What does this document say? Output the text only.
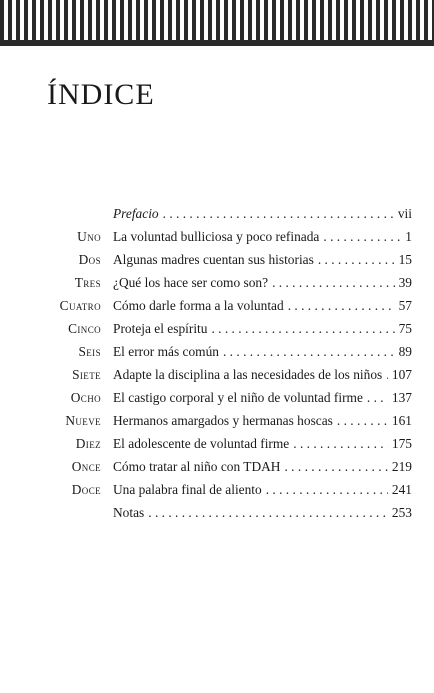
ÍNDICE
Prefacio . . .	vii
Uno La voluntad bulliciosa y poco refinada . . .	1
Dos Algunas madres cuentan sus historias . . .	15
Tres ¿Qué los hace ser como son? . . .	39
Cuatro Cómo darle forma a la voluntad . . .	57
Cinco Proteja el espíritu . . .	75
Seis El error más común . . .	89
Siete Adapte la disciplina a las necesidades de los niños . . . 107
Ocho El castigo corporal y el niño de voluntad firme . . . 137
Nueve Hermanos amargados y hermanas hoscas . . .	161
Diez El adolescente de voluntad firme . . .	175
Once Cómo tratar al niño con TDAH . . .	219
Doce Una palabra final de aliento . . .	241
Notas . . .	253
